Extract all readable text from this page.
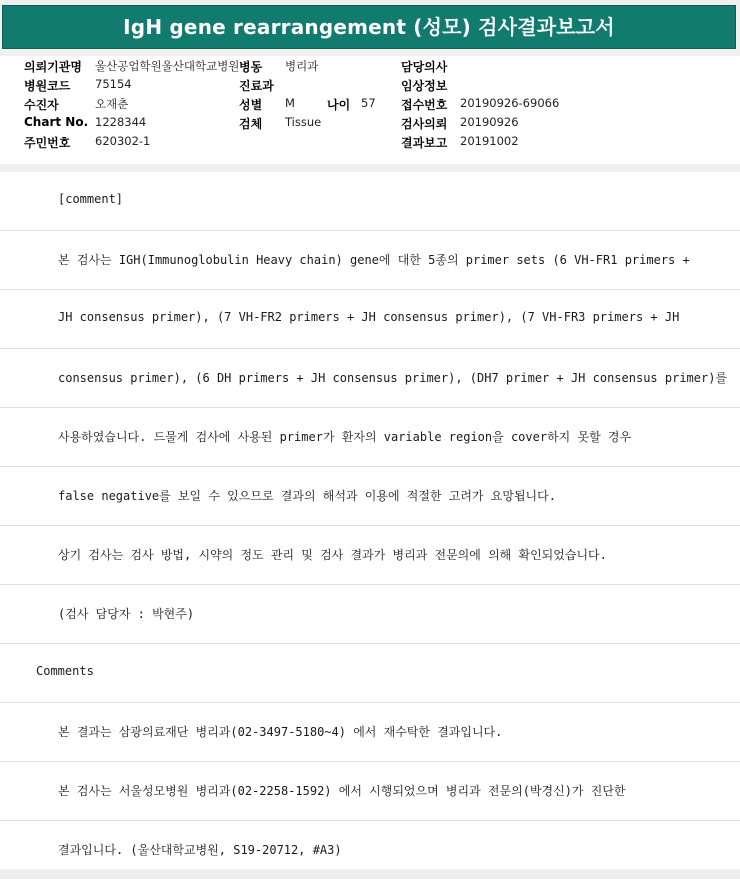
IgH gene rearrangement (성모) 검사결과보고서
의뢰기관명 울산공업학원울산대학교병원 병동 병리과	담당의사
병원코드 75154	진료과	임상정보
수진자	오재춘	성별 M	나이 57 접수번호 20190926-69066
Chart No. 1228344	검체 Tissue	검사의뢰 20190926
주민번호 620302-1	결과보고 20191002
[comment]
본 검사는 IGH(Immunoglobulin Heavy chain) gene에 대한 5종의 primer sets (6 VH-FR1 primers +
JH consensus primer), (7 VH-FR2 primers + JH consensus primer), (7 VH-FR3 primers + JH
consensus primer), (6 DH primers + JH consensus primer), (DH7 primer + JH consensus primer)를
사용하였습니다. 드물게 검사에 사용된 primer가 환자의 variable region을 cover하지 못할 경우
false negative를 보일 수 있으므로 결과의 해석과 이용에 적절한 고려가 요망됩니다.
상기 검사는 검사 방법, 시약의 정도 관리 및 검사 결과가 병리과 전문의에 의해 확인되었습니다.
(검사 담당자 : 박현주)
Comments
본 결과는 삼광의료재단 병리과(02-3497-5180~4) 에서 재수탁한 결과입니다.
본 검사는 서울성모병원 병리과(02-2258-1592) 에서 시행되었으며 병리과 전문의(박경신)가 진단한
결과입니다. (울산대학교병원, S19-20712, #A3)
